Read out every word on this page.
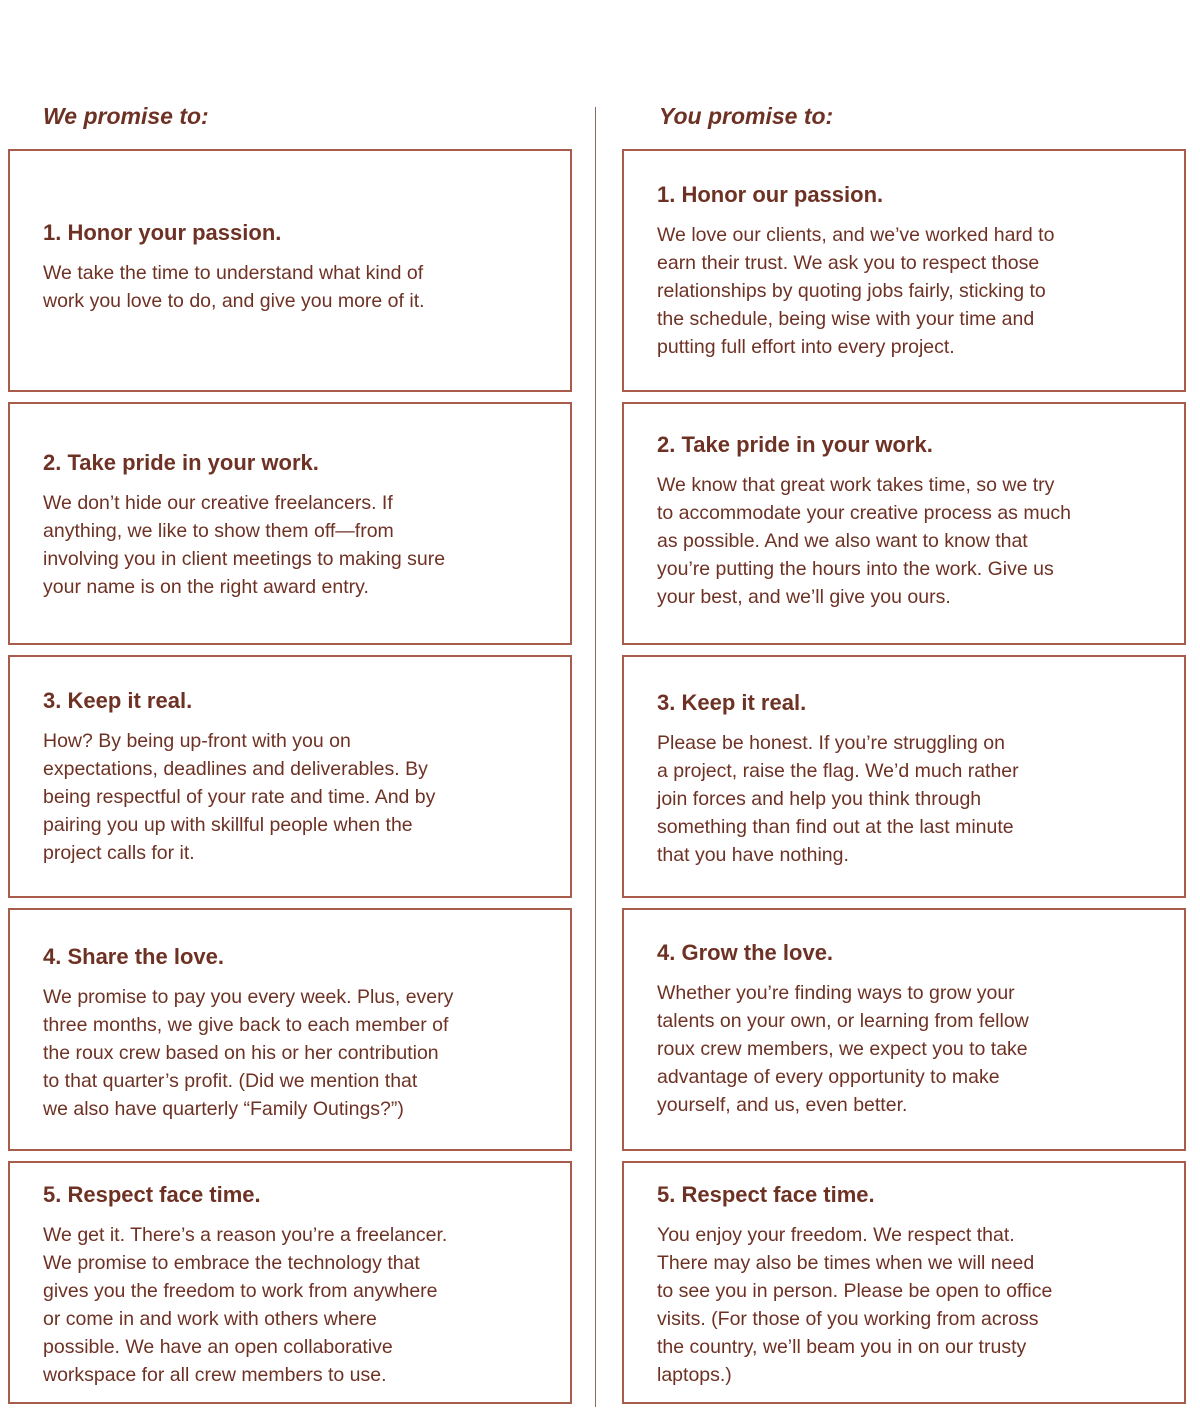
We promise to:	You promise to:
1. Honor your passion.
We take the time to understand what kind of
work you love to do, and give you more of it.
2. Take pride in your work.
We don’t hide our creative freelancers. If
anything, we like to show them off—from
involving you in client meetings to making sure
your name is on the right award entry.
3. Keep it real.
How? By being up-front with you on
expectations, deadlines and deliverables. By
being respectful of your rate and time. And by
pairing you up with skillful people when the
project calls for it.
4. Share the love.
We promise to pay you every week. Plus, every
three months, we give back to each member of
the roux crew based on his or her contribution
to that quarter’s profit. (Did we mention that
we also have quarterly “Family Outings?”)
5. Respect face time.
We get it. There’s a reason you’re a freelancer.
We promise to embrace the technology that
gives you the freedom to work from anywhere
or come in and work with others where
possible. We have an open collaborative
workspace for all crew members to use.
1. Honor our passion.
We love our clients, and we’ve worked hard to
earn their trust. We ask you to respect those
relationships by quoting jobs fairly, sticking to
the schedule, being wise with your time and
putting full effort into every project.
2. Take pride in your work.
We know that great work takes time, so we try
to accommodate your creative process as much
as possible. And we also want to know that
you’re putting the hours into the work. Give us
your best, and we’ll give you ours.
3. Keep it real.
Please be honest. If you’re struggling on
a project, raise the flag. We’d much rather
join forces and help you think through
something than find out at the last minute
that you have nothing.
4. Grow the love.
Whether you’re finding ways to grow your
talents on your own, or learning from fellow
roux crew members, we expect you to take
advantage of every opportunity to make
yourself, and us, even better.
5. Respect face time.
You enjoy your freedom. We respect that.
There may also be times when we will need
to see you in person. Please be open to office
visits. (For those of you working from across
the country, we’ll beam you in on our trusty
laptops.)
